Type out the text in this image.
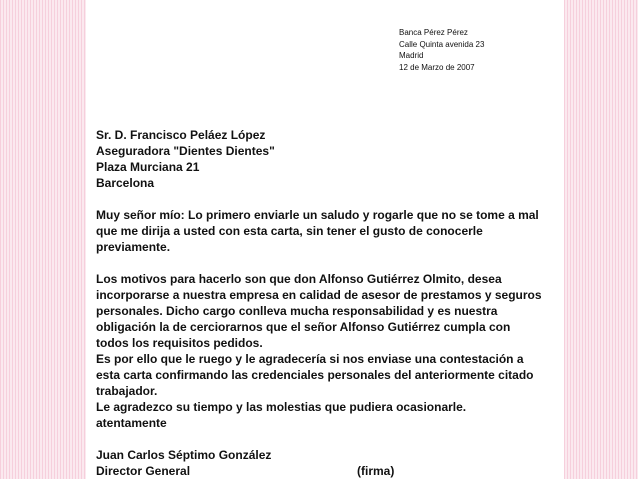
Banca Pérez Pérez
Calle Quinta avenida 23
Madrid
12 de Marzo de 2007
Sr. D. Francisco Peláez López
Aseguradora "Dientes Dientes"
Plaza Murciana 21
Barcelona
Muy señor mío: Lo primero enviarle un saludo y rogarle que no se tome a mal
que me dirija a usted con esta carta, sin tener el gusto de conocerle
previamente.
Los motivos para hacerlo son que don Alfonso Gutiérrez Olmito, desea
incorporarse a nuestra empresa en calidad de asesor de prestamos y seguros
personales. Dicho cargo conlleva mucha responsabilidad y es nuestra
obligación la de cerciorarnos que el señor Alfonso Gutiérrez cumpla con
todos los requisitos pedidos.
Es por ello que le ruego y le agradecería si nos enviase una contestación a
esta carta confirmando las credenciales personales del anteriormente citado
trabajador.
Le agradezco su tiempo y las molestias que pudiera ocasionarle.
atentamente
Juan Carlos Séptimo González
Director General	(firma)
